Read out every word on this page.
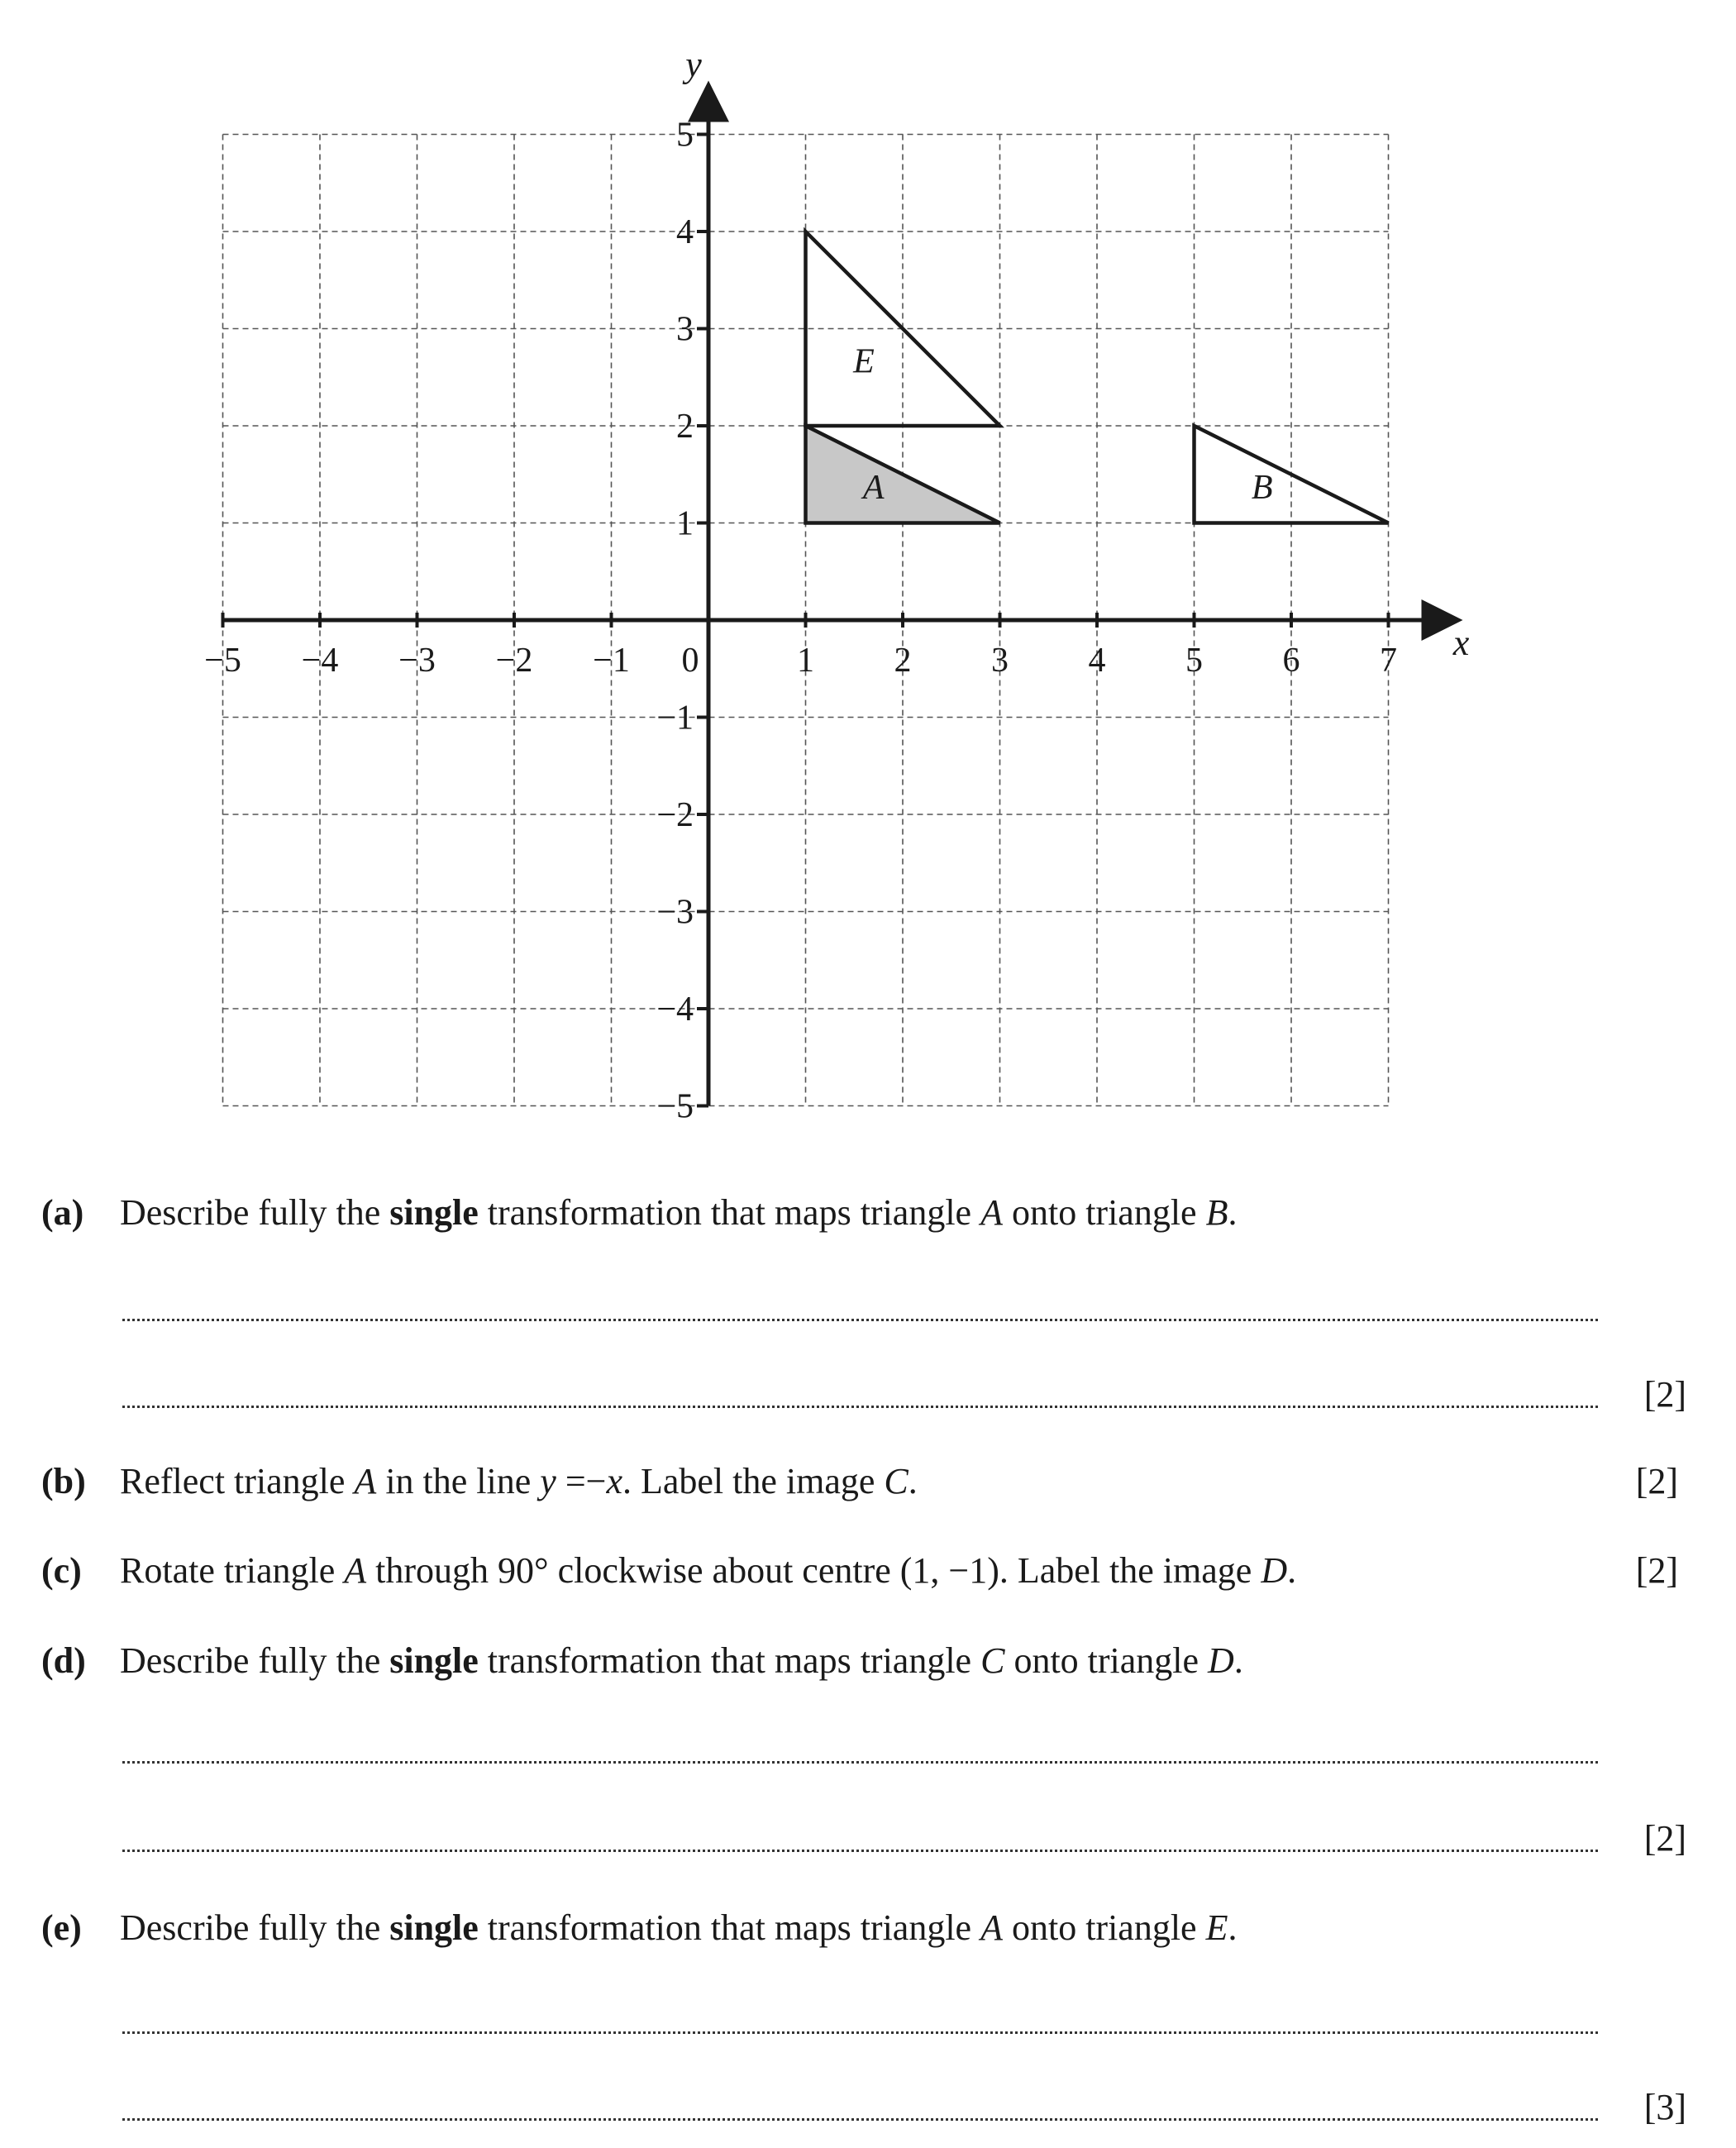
A	B
E
−5 −4 −3 −2 −1 0	1 2 3 4 5 6 7
5
4
3
2
1
−1
−2
−3
−4
−5
x
y
(a) Describe fully the single transformation that maps triangle A onto triangle B.
[2]
(b) Reflect triangle A in the line y =−x. Label the image C.	[2]
(c) Rotate triangle A through 90° clockwise about centre (1, −1). Label the image D.	[2]
(d) Describe fully the single transformation that maps triangle C onto triangle D.
[2]
(e) Describe fully the single transformation that maps triangle A onto triangle E.
[3]
